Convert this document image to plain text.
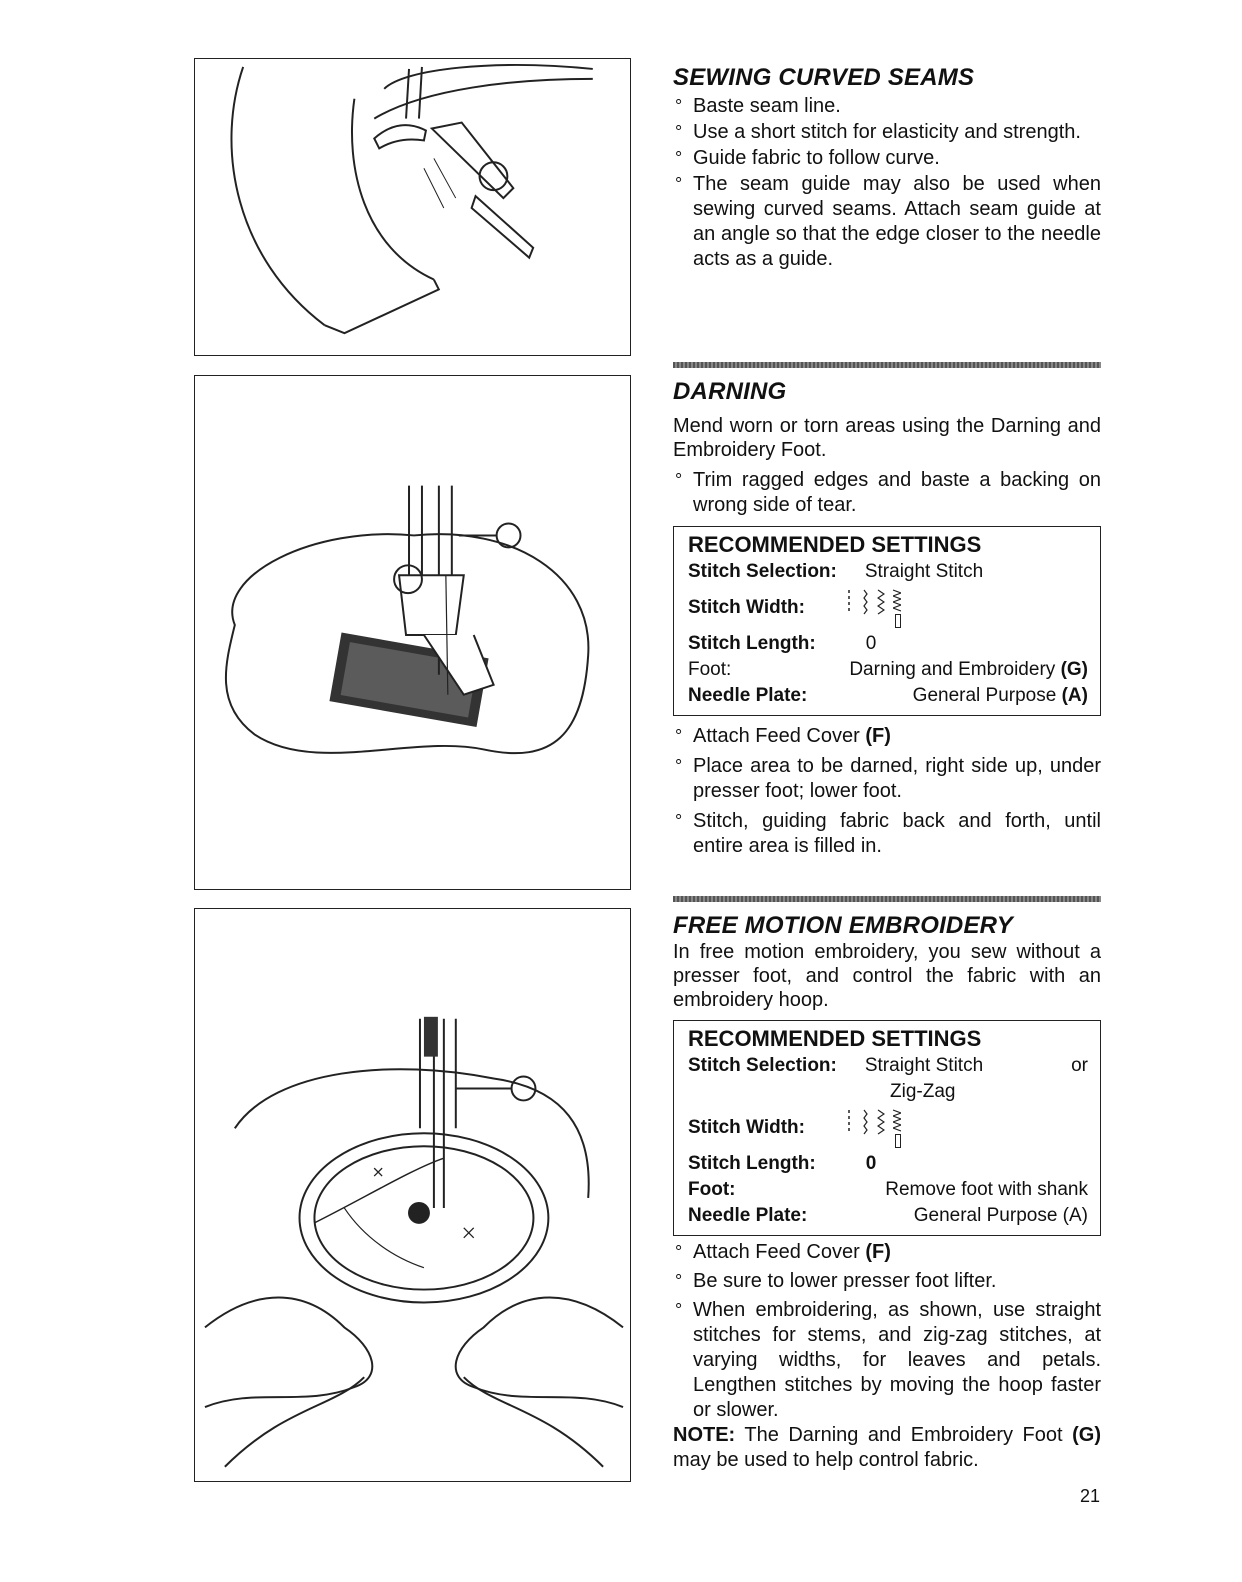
SEWING CURVED SEAMS
° Baste seam line.
° Use a short stitch for elasticity and strength.
° Guide fabric to follow curve.
° The seam guide may also be used when sewing curved seams. Attach seam guide at an angle so that the edge closer to the needle acts as a guide.
DARNING

Mend worn or torn areas using the Darning and Embroidery Foot.

° Trim ragged edges and baste a backing on wrong side of tear.
RECOMMENDED SETTINGS
Stitch Selection: Straight Stitch
Stitch Width:
Stitch Length:	0
Foot:	Darning and Embroidery (G)
Needle Plate:	General Purpose (A)
° Attach Feed Cover (F)
° Place area to be darned, right side up, under presser foot; lower foot.
° Stitch, guiding fabric back and forth, until entire area is filled in.
FREE MOTION EMBROIDERY

In free motion embroidery, you sew without a presser foot, and control the fabric with an embroidery hoop.

RECOMMENDED SETTINGS
Stitch Selection: Straight Stitch	or
Zig-Zag
Stitch Width:
Stitch Length:	0
Foot:	Remove foot with shank
Needle Plate:	General Purpose (A)
° Attach Feed Cover (F)
° Be sure to lower presser foot lifter.
° When embroidering, as shown, use straight stitches for stems, and zig-zag stitches, at varying widths, for leaves and petals. Lengthen stitches by moving the hoop faster or slower.

NOTE: The Darning and Embroidery Foot (G) may be used to help control fabric.

21
